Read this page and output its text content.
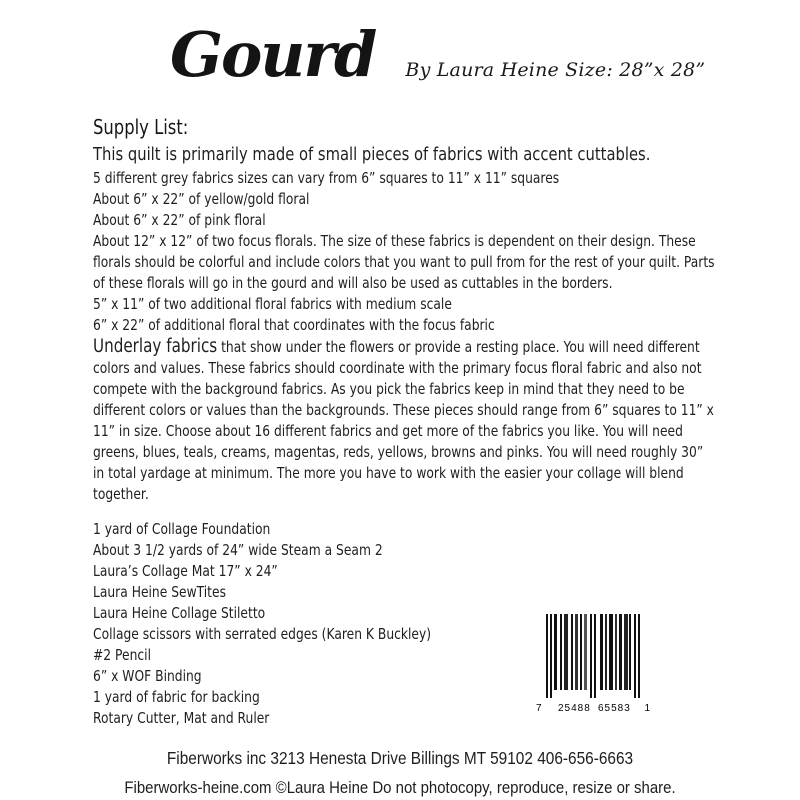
Gourd By Laura Heine Size: 28”x 28”
Supply List:

This quilt is primarily made of small pieces of fabrics with accent cuttables.

5 different grey fabrics sizes can vary from 6” squares to 11” x 11” squares
About 6” x 22” of yellow/gold floral
About 6” x 22” of pink floral

About 12” x 12” of two focus florals. The size of these fabrics is dependent on their design. These florals should be colorful and include colors that you want to pull from for the rest of your quilt. Parts of these florals will go in the gourd and will also be used as cuttables in the borders.

5” x 11” of two additional floral fabrics with medium scale
6” x 22” of additional floral that coordinates with the focus fabric

Underlay fabrics that show under the flowers or provide a resting place. You will need different colors and values. These fabrics should coordinate with the primary focus floral fabric and also not compete with the background fabrics. As you pick the fabrics keep in mind that they need to be different colors or values than the backgrounds. These pieces should range from 6” squares to 11” x 11” in size. Choose about 16 different fabrics and get more of the fabrics you like. You will need greens, blues, teals, creams, magentas, reds, yellows, browns and pinks. You will need roughly 30” in total yardage at minimum. The more you have to work with the easier your collage will blend together.

1 yard of Collage Foundation
About 3 1/2 yards of 24” wide Steam a Seam 2
Laura’s Collage Mat 17” x 24”
Laura Heine SewTites
Laura Heine Collage Stiletto
Collage scissors with serrated edges (Karen K Buckley)
#2 Pencil
6” x WOF Binding
1 yard of fabric for backing
Rotary Cutter, Mat and Ruler
7 25488 65583 1
Fiberworks inc 3213 Henesta Drive Billings MT 59102 406-656-6663
Fiberworks-heine.com ©Laura Heine Do not photocopy, reproduce, resize or share.
